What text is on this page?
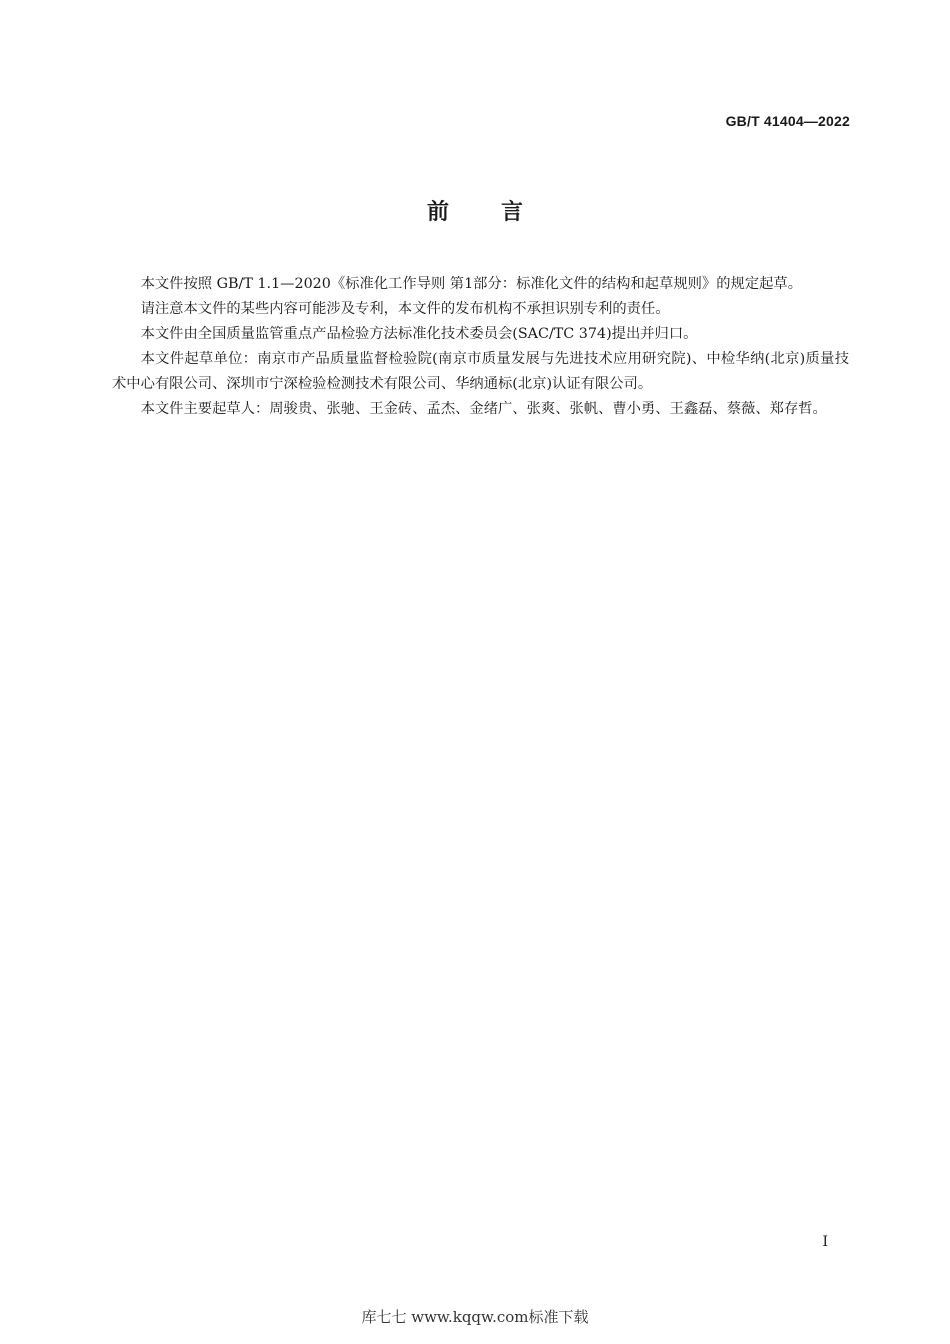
GB/T 41404—2022
前言

本文件按照 GB/T 1.1—2020《标准化工作导则 第1部分：标准化文件的结构和起草规则》的规定起草。

请注意本文件的某些内容可能涉及专利，本文件的发布机构不承担识别专利的责任。

本文件由全国质量监管重点产品检验方法标准化技术委员会(SAC/TC 374)提出并归口。

本文件起草单位：南京市产品质量监督检验院(南京市质量发展与先进技术应用研究院)、中检华纳(北京)质量技术中心有限公司、深圳市宁深检验检测技术有限公司、华纳通标(北京)认证有限公司。

本文件主要起草人：周骏贵、张驰、王金砖、孟杰、金绪广、张爽、张帆、曹小勇、王鑫磊、蔡薇、郑存哲。

I
库七七 www.kqqw.com标准下载
